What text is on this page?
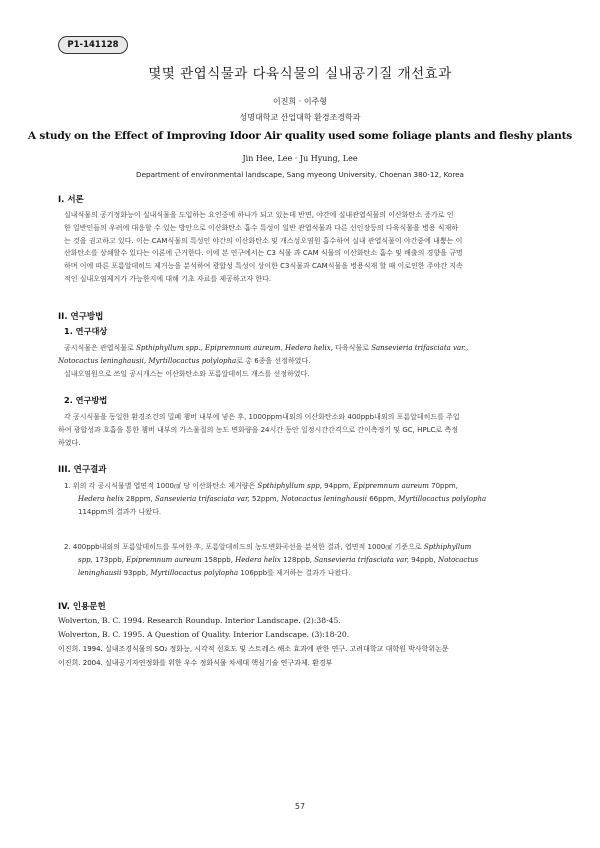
P1-141128
몇몇 관엽식물과 다육식물의 실내공기질 개선효과
이진희 · 이주형
성명대학교 산업대학 환경조경학과
A study on the Effect of Improving Idoor Air quality used some foliage plants and fleshy plants
Jin Hee, Lee · Ju Hyung, Lee
Department of environmental landscape, Sang myeong University, Choenan 380-12, Korea
I. 서론
실내식물의 공기정화능이 실내식물을 도입하는 요인중에 하나가 되고 있는데 반면, 야간에 실내관엽식물의 이산화탄소 증가로 인
한 일반인들의 우려에 대응할 수 있는 방안으로 이산화탄소 흡수 특성이 일반 관엽식물과 다른 선인장등의 다육식물을 병용 식재하
는 것을 권고하고 있다. 이는 CAM식물의 특성인 야간의 이산화탄소 및 개스성오염원 흡수하여 실내 관엽식물이 야간중에 내뿜는 이
산화탄소를 상쇄할수 있다는 이론에 근거한다. 이에 본 연구에서는 C3 식물 과 CAM 식물의 이산화탄소 흡수 및 배출의 경향을 규명
하며 이에 따른 포름알데히드 제거능을 분석하여 광합성 특성이 상이한 C3식물과 CAM식물을 병용식재 할 때 이로인한 주야간 지속
적인 실내오염제거가 가능한지에 대해 기초 자료를 제공하고자 한다.
II. 연구방법
1. 연구대상
공시식물은 관엽식물로 Spthiphyllum spp., Epipremnum aureum, Hedera helix, 다육식물로 Sansevieria trifasciata var.,
Notocactus leninghausii, Myrtillocactus polylopha로 총 6종을 선정하였다.
실내오염원으로 쓰일 공시개스는 이산화탄소와 포름알데히드 개스를 선정하였다.
2. 연구방법
각 공시식물을 동일한 환경조건의 밀폐 챔버 내부에 넣은 후, 1000ppm내외의 이산화탄소와 400ppb내외의 포름알데히드를 주입
하여 광합성과 호흡을 통한 챔버 내부의 가스물질의 농도 변화량을 24시간 동안 일정시간간격으로 간이측정기 및 GC, HPLC로 측정
하였다.
III. 연구결과
1. 위의 각 공시식물별 엽면적 1000㎠ 당 이산화탄소 제거량은 Spthiphyllum spp, 94ppm, Epipremnum aureum 70ppm,
Hedera helix 28ppm, Sansevieria trifasciata var, 52ppm, Notocactus leninghausii 66ppm, Myrtillocactus polylopha
114ppm의 결과가 나왔다.
2. 400ppb내외의 포름알데히드를 투여한 후, 포름알데히드의 농도변화곡선을 분석한 결과, 엽면적 1000㎠ 기준으로 Spthiphyllum
spp, 173ppb, Epipremnum aureum 158ppb, Hedera helix 128ppb, Sansevieria trifasciata var, 94ppb, Notocactus
leninghausii 93ppb, Myrtillocactus polylopha 106ppb를 제거하는 결과가 나왔다.
IV. 인용문헌
Wolverton, B. C. 1994. Research Roundup. Interior Landscape. (2):38-45.
Wolverton, B. C. 1995. A Question of Quality. Interior Landscape. (3):18-20.
이진희. 1994. 실내조경식물의 SO₂ 정화능, 시각적 선호도 및 스트레스 해소 효과에 관한 연구. 고려대학교 대학원 박사학위논문
이진희. 2004. 실내공기자연정화를 위한 우수 정화식물 차세대 핵심기술 연구과제. 환경부
57
